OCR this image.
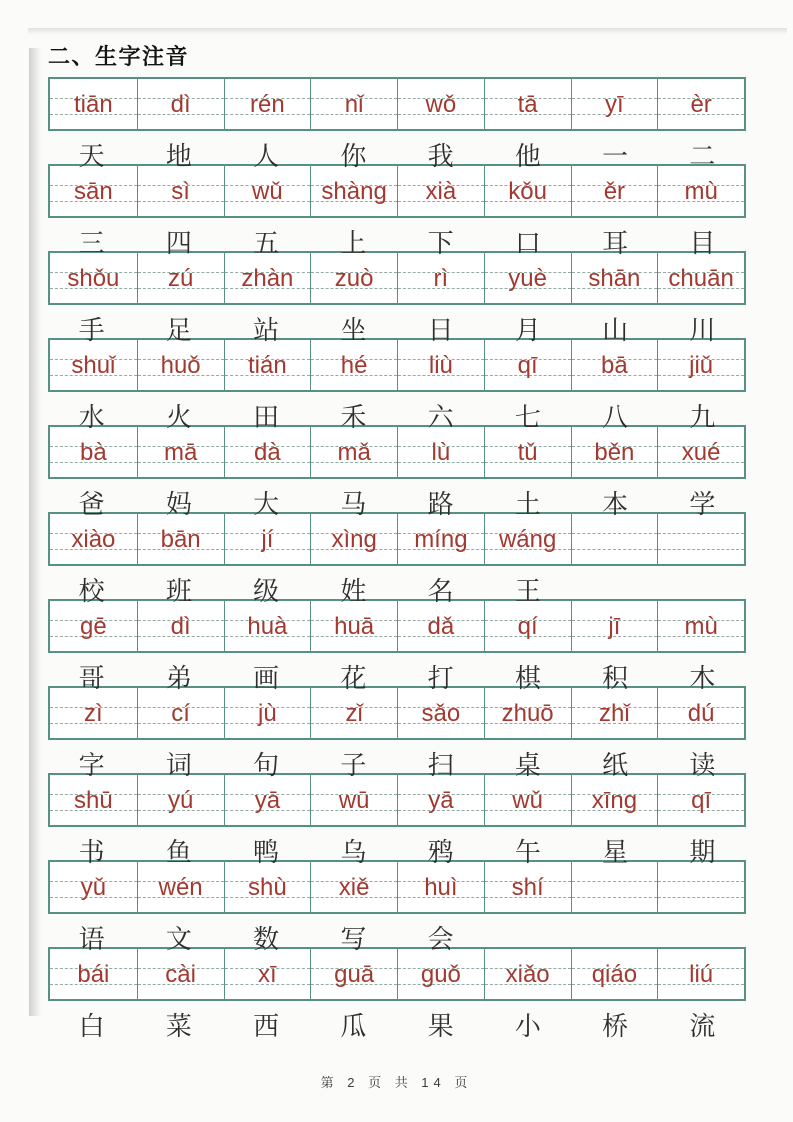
二、生字注音
tiān dì rén	nǐ	wǒ	tā	yī	èr
天	地	人	你	我	他	一	二
sān sì	wǔ shàng xià kǒu ěr mù
三	四	五	上	下	口	耳	目
shǒu zú zhàn zuò	rì	yuè shān chuān
手	足	站	坐	日	月	山	川
shuǐ huǒ tián hé	liù	qī	bā	jiǔ
水	火	田	禾	六	七	八	九
bà mā dà mǎ	lù	tǔ běn xué
爸	妈	大	马	路	土	本	学
xiào bān	jí xìng míng wáng
校	班	级	姓	名	王
gē	dì huà huā dǎ	qí	jī	mù
哥	弟	画	花	打	棋	积	木
zì	cí	jù	zǐ sǎo zhuō zhǐ dú
字	词	句	子	扫	桌	纸	读
shū yú	yā wū yā wǔ xīng qī
书	鱼	鸭	乌	鸦	午	星	期
yǔ wén shù xiě huì shí
语	文	数	写	会
bái cài	xī guā guǒ xiǎo qiáo liú
白	菜	西	瓜	果	小	桥	流
第 2 页 共 14 页
